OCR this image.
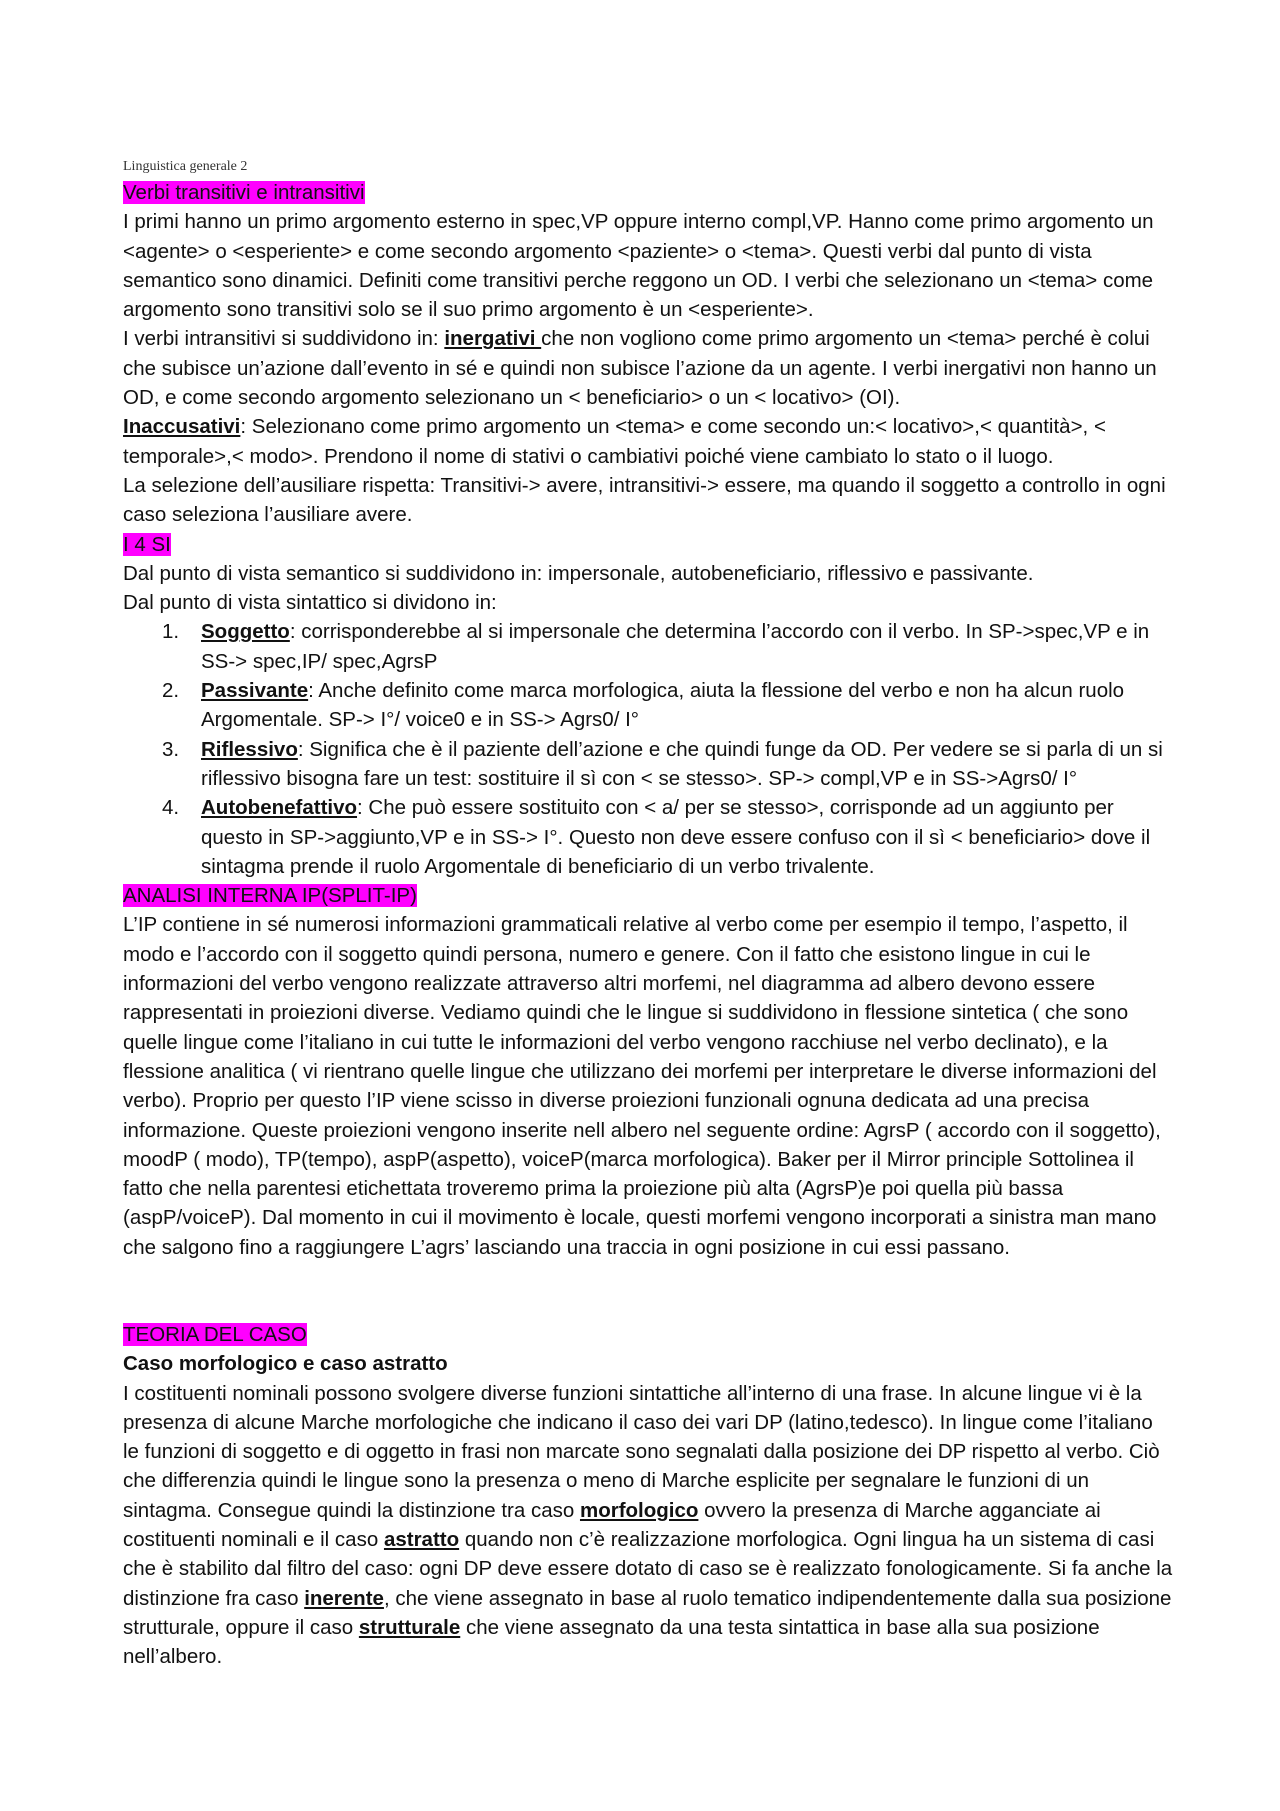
Linguistica generale 2
Verbi transitivi e intransitivi

I primi hanno un primo argomento esterno in spec,VP oppure interno compl,VP. Hanno come primo argomento un <agente> o <esperiente> e come secondo argomento <paziente> o <tema>. Questi verbi dal punto di vista semantico sono dinamici. Definiti come transitivi perche reggono un OD. I verbi che selezionano un <tema> come argomento sono transitivi solo se il suo primo argomento è un <esperiente>.

I verbi intransitivi si suddividono in: inergativi che non vogliono come primo argomento un <tema> perché è colui che subisce un’azione dall’evento in sé e quindi non subisce l’azione da un agente. I verbi inergativi non hanno un OD, e come secondo argomento selezionano un < beneficiario> o un < locativo> (OI).

Inaccusativi: Selezionano come primo argomento un <tema> e come secondo un:< locativo>,< quantità>, < temporale>,< modo>. Prendono il nome di stativi o cambiativi poiché viene cambiato lo stato o il luogo.

La selezione dell’ausiliare rispetta: Transitivi-> avere, intransitivi-> essere, ma quando il soggetto a controllo in ogni caso seleziona l’ausiliare avere.

I 4 SI

Dal punto di vista semantico si suddividono in: impersonale, autobeneficiario, riflessivo e passivante.

Dal punto di vista sintattico si dividono in:

1. Soggetto: corrisponderebbe al si impersonale che determina l’accordo con il verbo. In SP->spec,VP e in SS-> spec,IP/ spec,AgrsP
2. Passivante: Anche definito come marca morfologica, aiuta la flessione del verbo e non ha alcun ruolo Argomentale. SP-> I°/ voice0 e in SS-> Agrs0/ I°
3. Riflessivo: Significa che è il paziente dell’azione e che quindi funge da OD. Per vedere se si parla di un si riflessivo bisogna fare un test: sostituire il sì con < se stesso>. SP-> compl,VP e in SS->Agrs0/ I°
4. Autobenefattivo: Che può essere sostituito con < a/ per se stesso>, corrisponde ad un aggiunto per questo in SP->aggiunto,VP e in SS-> I°. Questo non deve essere confuso con il sì < beneficiario> dove il sintagma prende il ruolo Argomentale di beneficiario di un verbo trivalente.
ANALISI INTERNA IP(SPLIT-IP)

L’IP contiene in sé numerosi informazioni grammaticali relative al verbo come per esempio il tempo, l’aspetto, il modo e l’accordo con il soggetto quindi persona, numero e genere. Con il fatto che esistono lingue in cui le informazioni del verbo vengono realizzate attraverso altri morfemi, nel diagramma ad albero devono essere rappresentati in proiezioni diverse. Vediamo quindi che le lingue si suddividono in flessione sintetica ( che sono quelle lingue come l’italiano in cui tutte le informazioni del verbo vengono racchiuse nel verbo declinato), e la flessione analitica ( vi rientrano quelle lingue che utilizzano dei morfemi per interpretare le diverse informazioni del verbo). Proprio per questo l’IP viene scisso in diverse proiezioni funzionali ognuna dedicata ad una precisa informazione. Queste proiezioni vengono inserite nell albero nel seguente ordine: AgrsP ( accordo con il soggetto), moodP ( modo), TP(tempo), aspP(aspetto), voiceP(marca morfologica). Baker per il Mirror principle Sottolinea il fatto che nella parentesi etichettata troveremo prima la proiezione più alta (AgrsP)e poi quella più bassa (aspP/voiceP). Dal momento in cui il movimento è locale, questi morfemi vengono incorporati a sinistra man mano che salgono fino a raggiungere L’agrs’ lasciando una traccia in ogni posizione in cui essi passano.

TEORIA DEL CASO

Caso morfologico e caso astratto

I costituenti nominali possono svolgere diverse funzioni sintattiche all’interno di una frase. In alcune lingue vi è la presenza di alcune Marche morfologiche che indicano il caso dei vari DP (latino,tedesco). In lingue come l’italiano le funzioni di soggetto e di oggetto in frasi non marcate sono segnalati dalla posizione dei DP rispetto al verbo. Ciò che differenzia quindi le lingue sono la presenza o meno di Marche esplicite per segnalare le funzioni di un sintagma. Consegue quindi la distinzione tra caso morfologico ovvero la presenza di Marche agganciate ai costituenti nominali e il caso astratto quando non c’è realizzazione morfologica. Ogni lingua ha un sistema di casi che è stabilito dal filtro del caso: ogni DP deve essere dotato di caso se è realizzato fonologicamente. Si fa anche la distinzione fra caso inerente, che viene assegnato in base al ruolo tematico indipendentemente dalla sua posizione strutturale, oppure il caso strutturale che viene assegnato da una testa sintattica in base alla sua posizione nell’albero.
